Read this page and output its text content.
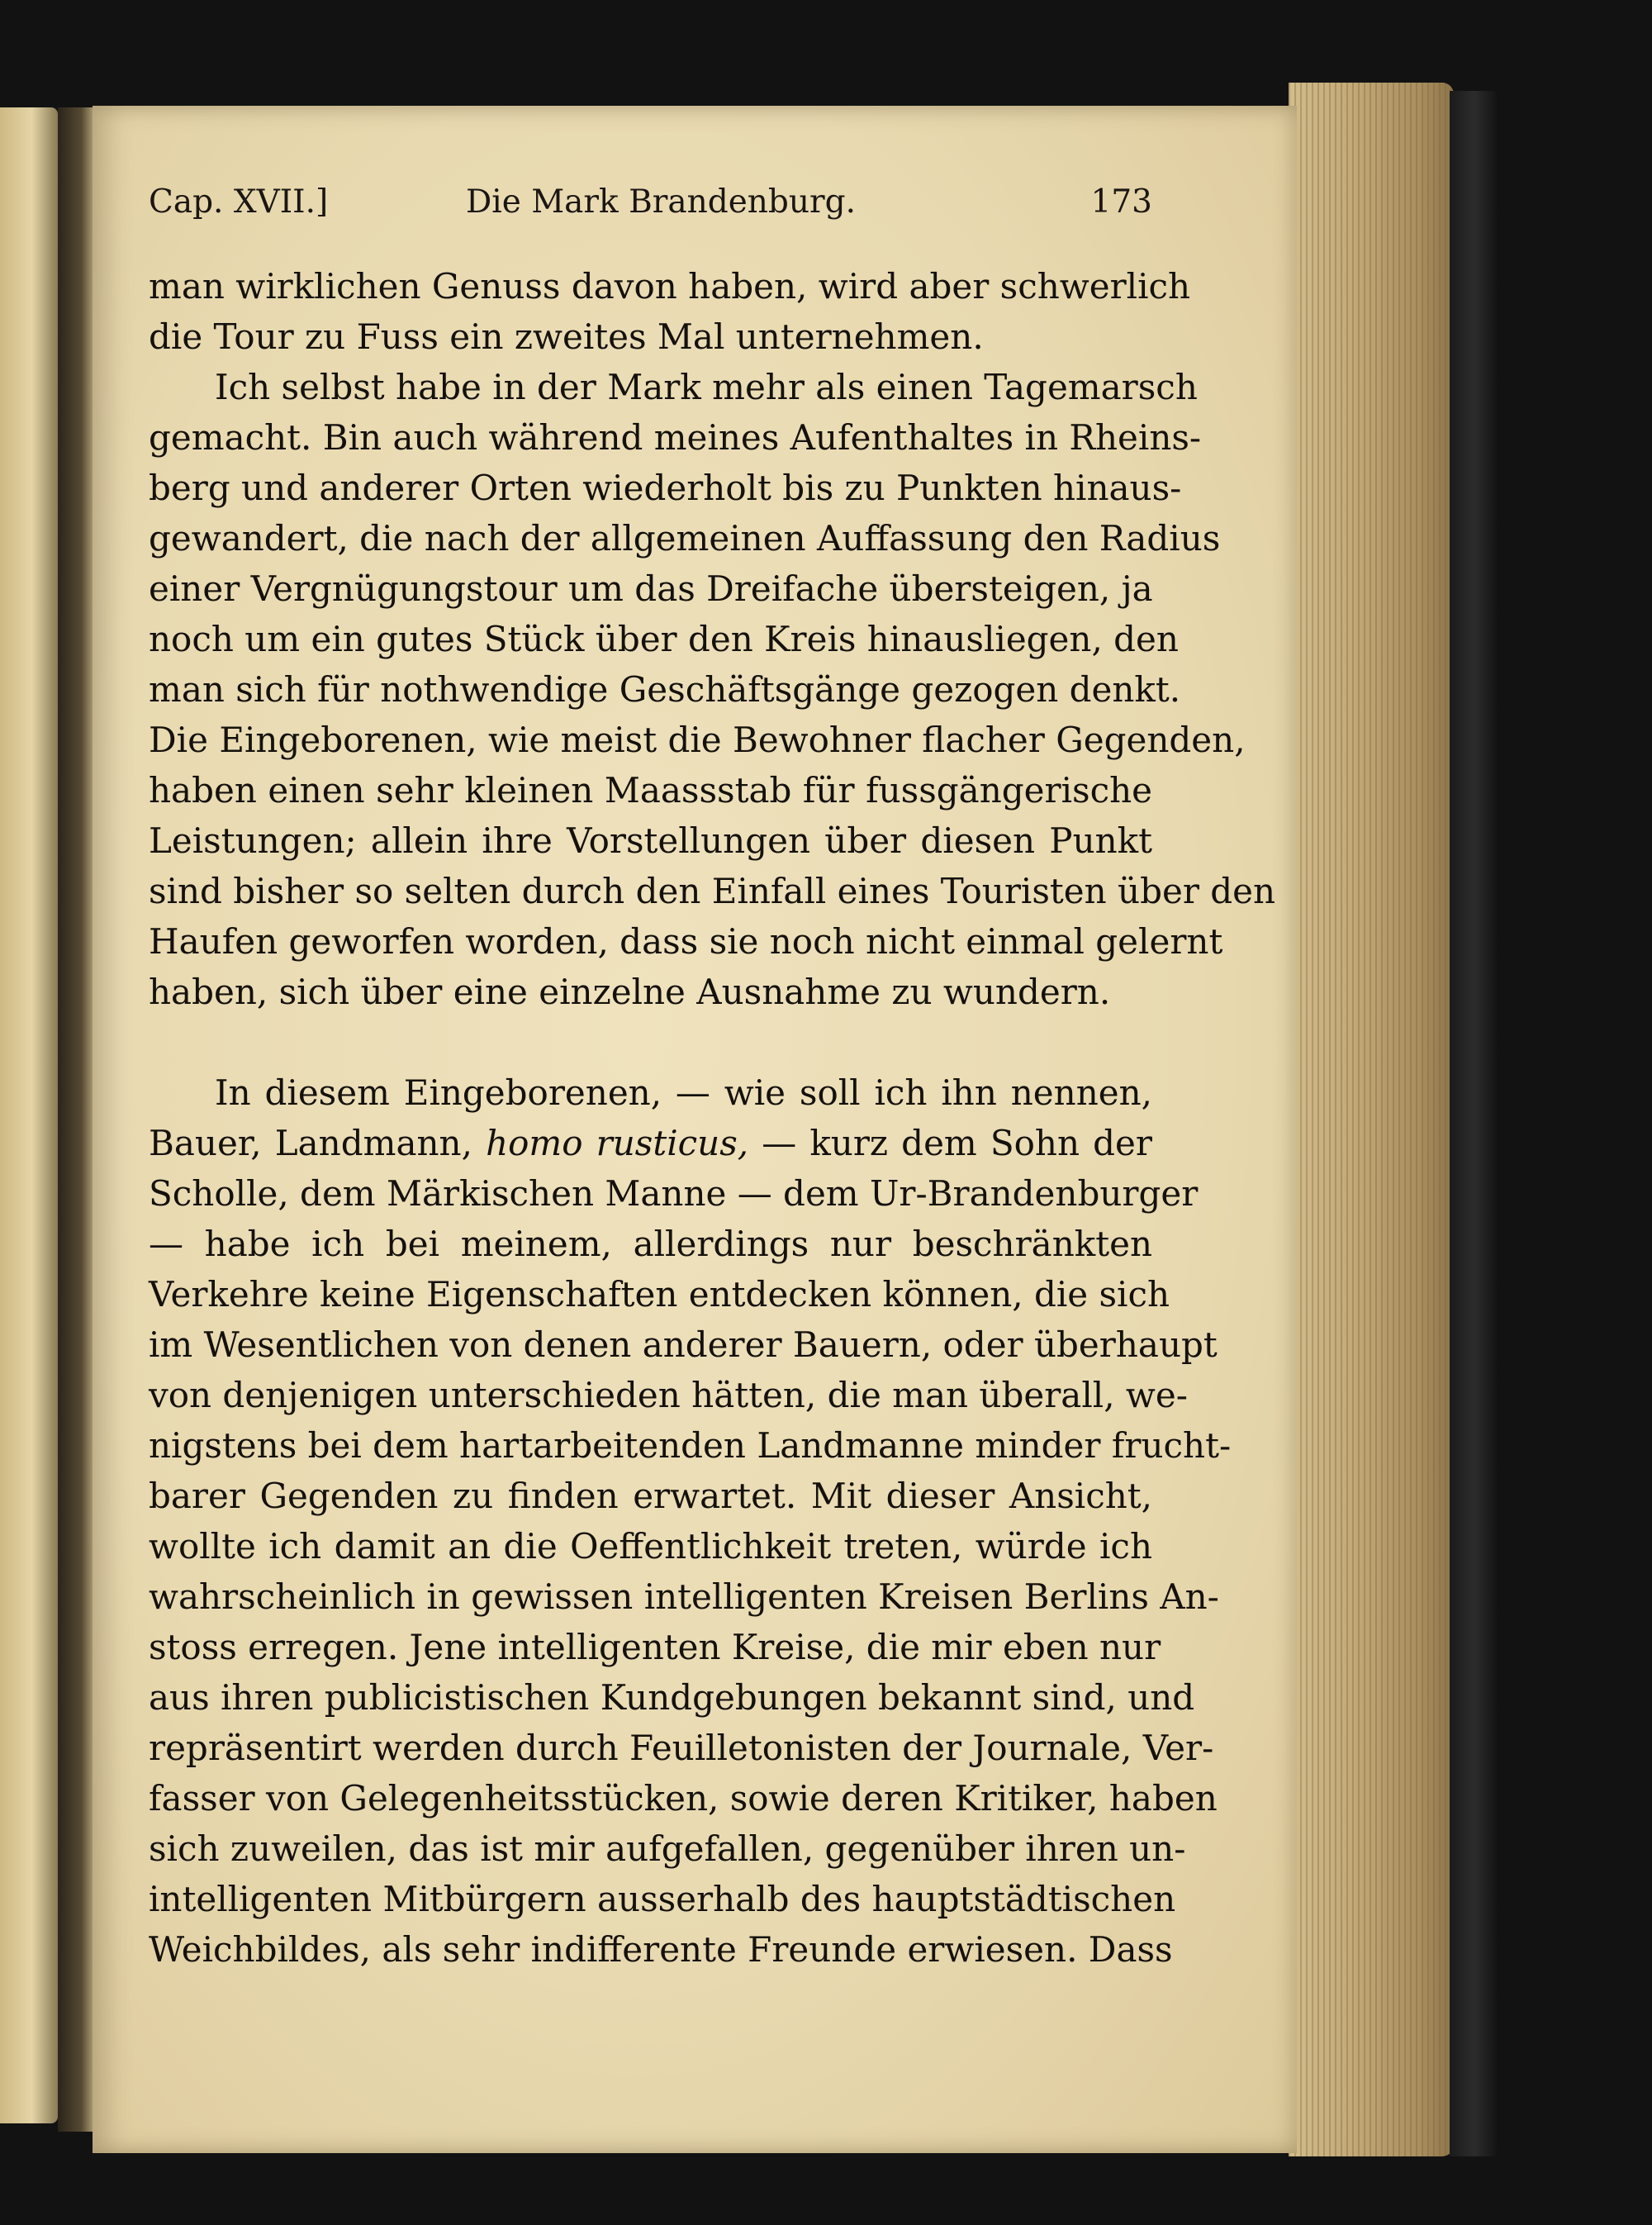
Cap. XVII.]	Die Mark Brandenburg.	173
man wirklichen Genuss davon haben, wird aber schwerlich
die Tour zu Fuss ein zweites Mal unternehmen.
Ich selbst habe in der Mark mehr als einen Tagemarsch
gemacht. Bin auch während meines Aufenthaltes in Rheins-
berg und anderer Orten wiederholt bis zu Punkten hinaus-
gewandert, die nach der allgemeinen Auffassung den Radius
einer Vergnügungstour um das Dreifache übersteigen, ja
noch um ein gutes Stück über den Kreis hinausliegen, den
man sich für nothwendige Geschäftsgänge gezogen denkt.
Die Eingeborenen, wie meist die Bewohner flacher Gegenden,
haben einen sehr kleinen Maassstab für fussgängerische
Leistungen; allein ihre Vorstellungen über diesen Punkt
sind bisher so selten durch den Einfall eines Touristen über den
Haufen geworfen worden, dass sie noch nicht einmal gelernt
haben, sich über eine einzelne Ausnahme zu wundern.
In diesem Eingeborenen, — wie soll ich ihn nennen,
Bauer, Landmann, homo rusticus, — kurz dem Sohn der
Scholle, dem Märkischen Manne — dem Ur-Brandenburger
— habe ich bei meinem, allerdings nur beschränkten
Verkehre keine Eigenschaften entdecken können, die sich
im Wesentlichen von denen anderer Bauern, oder überhaupt
von denjenigen unterschieden hätten, die man überall, we-
nigstens bei dem hartarbeitenden Landmanne minder frucht-
barer Gegenden zu finden erwartet. Mit dieser Ansicht,
wollte ich damit an die Oeffentlichkeit treten, würde ich
wahrscheinlich in gewissen intelligenten Kreisen Berlins An-
stoss erregen. Jene intelligenten Kreise, die mir eben nur
aus ihren publicistischen Kundgebungen bekannt sind, und
repräsentirt werden durch Feuilletonisten der Journale, Ver-
fasser von Gelegenheitsstücken, sowie deren Kritiker, haben
sich zuweilen, das ist mir aufgefallen, gegenüber ihren un-
intelligenten Mitbürgern ausserhalb des hauptstädtischen
Weichbildes, als sehr indifferente Freunde erwiesen. Dass
